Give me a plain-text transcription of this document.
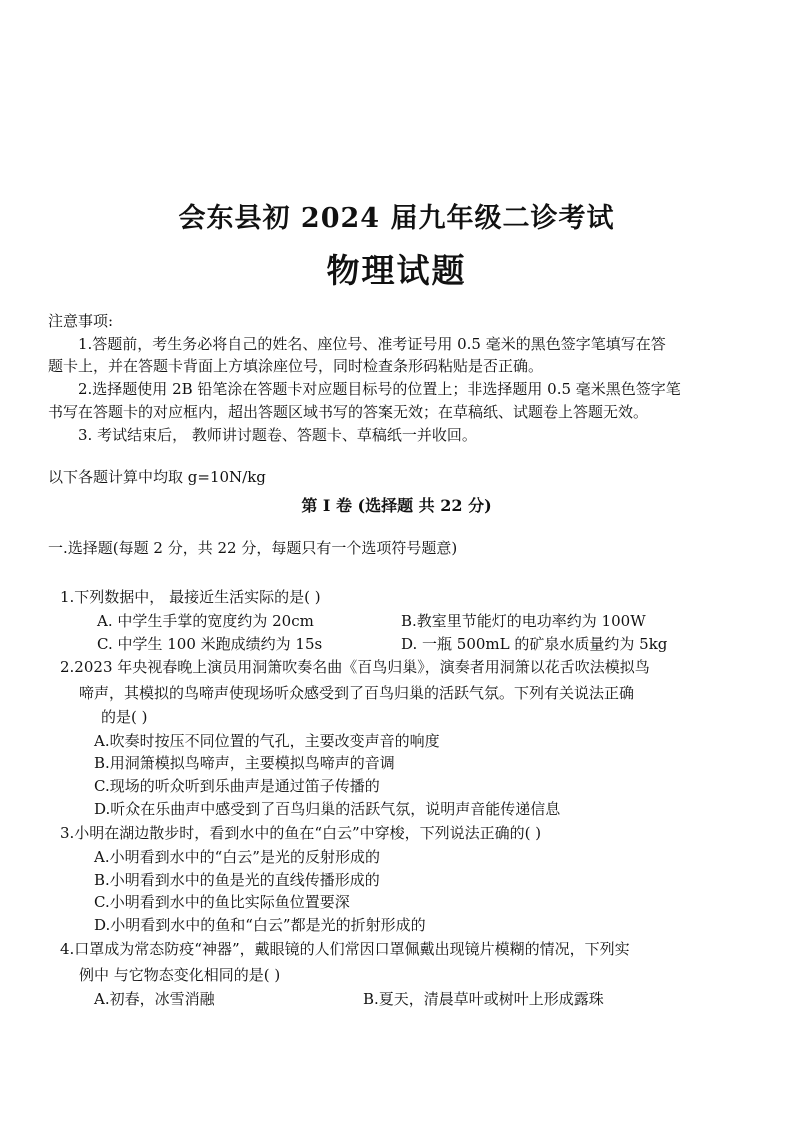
会东县初 2024 届九年级二诊考试
物理试题
注意事项:
1.答题前，考生务必将自己的姓名、座位号、准考证号用 0.5 毫米的黑色签字笔填写在答
题卡上，并在答题卡背面上方填涂座位号，同时检查条形码粘贴是否正确。
2.选择题使用 2B 铅笔涂在答题卡对应题目标号的位置上；非选择题用 0.5 毫米黑色签字笔
书写在答题卡的对应框内，超出答题区域书写的答案无效；在草稿纸、试题卷上答题无效。
3. 考试结束后， 教师讲讨题卷、答题卡、草稿纸一并收回。
以下各题计算中均取 g=10N/kg
第 Ⅰ 卷 (选择题 共 22 分)
一.选择题(每题 2 分，共 22 分，每题只有一个选项符号题意)
1.下列数据中， 最接近生活实际的是( )
A. 中学生手掌的宽度约为 20cm	B.教室里节能灯的电功率约为 100W
C. 中学生 100 米跑成绩约为 15s	D. 一瓶 500mL 的矿泉水质量约为 5kg
2.2023 年央视春晚上演员用洞箫吹奏名曲《百鸟归巢》，演奏者用洞箫以花舌吹法模拟鸟
啼声，其模拟的鸟啼声使现场听众感受到了百鸟归巢的活跃气氛。下列有关说法正确
的是( )
A.吹奏时按压不同位置的气孔，主要改变声音的响度
B.用洞箫模拟鸟啼声，主要模拟鸟啼声的音调
C.现场的听众听到乐曲声是通过笛子传播的
D.听众在乐曲声中感受到了百鸟归巢的活跃气氛，说明声音能传递信息
3.小明在湖边散步时，看到水中的鱼在“白云”中穿梭，下列说法正确的( )
A.小明看到水中的“白云”是光的反射形成的
B.小明看到水中的鱼是光的直线传播形成的
C.小明看到水中的鱼比实际鱼位置要深
D.小明看到水中的鱼和“白云”都是光的折射形成的
4.口罩成为常态防疫“神器”，戴眼镜的人们常因口罩佩戴出现镜片模糊的情况，下列实
例中 与它物态变化相同的是( )
A.初春，冰雪消融	B.夏天，清晨草叶或树叶上形成露珠
